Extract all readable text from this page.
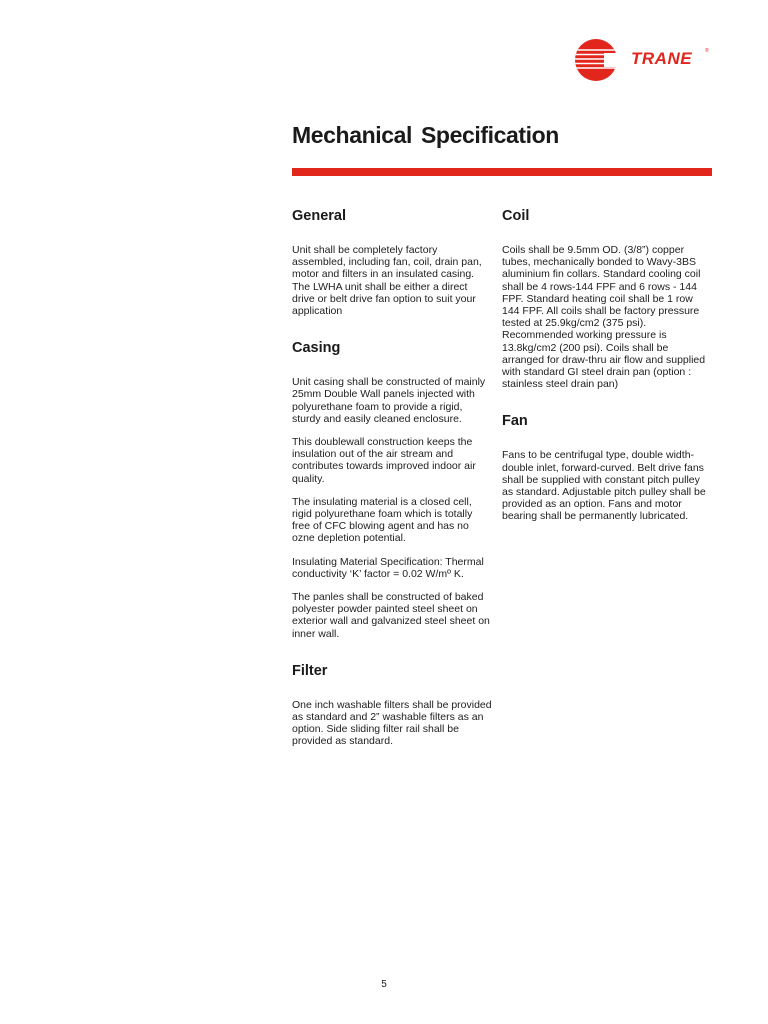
TRANE	®
Mechanical Specification
General

Unit shall be completely factory assembled, including fan, coil, drain pan, motor and filters in an insulated casing. The LWHA unit shall be either a direct drive or belt drive fan option to suit your application

Casing

Unit casing shall be constructed of mainly 25mm Double Wall panels injected with polyurethane foam to provide a rigid, sturdy and easily cleaned enclosure.

This doublewall construction keeps the insulation out of the air stream and contributes towards improved indoor air quality.

The insulating material is a closed cell, rigid polyurethane foam which is totally free of CFC blowing agent and has no ozne depletion potential.

Insulating Material Specification: Thermal conductivity ‘K’ factor = 0.02 W/mº K.

The panles shall be constructed of baked polyester powder painted steel sheet on exterior wall and galvanized steel sheet on inner wall.

Filter

One inch washable filters shall be provided as standard and 2” washable filters as an option. Side sliding filter rail shall be provided as standard.

Coil

Coils shall be 9.5mm OD. (3/8”) copper tubes, mechanically bonded to Wavy-3BS aluminium fin collars. Standard cooling coil shall be 4 rows-144 FPF and 6 rows - 144 FPF. Standard heating coil shall be 1 row 144 FPF. All coils shall be factory pressure tested at 25.9kg/cm2 (375 psi). Recommended working pressure is 13.8kg/cm2 (200 psi). Coils shall be arranged for draw-thru air flow and supplied with standard GI steel drain pan (option : stainless steel drain pan)

Fan

Fans to be centrifugal type, double width-double inlet, forward-curved. Belt drive fans shall be supplied with constant pitch pulley as standard. Adjustable pitch pulley shall be provided as an option. Fans and motor bearing shall be permanently lubricated.

5
